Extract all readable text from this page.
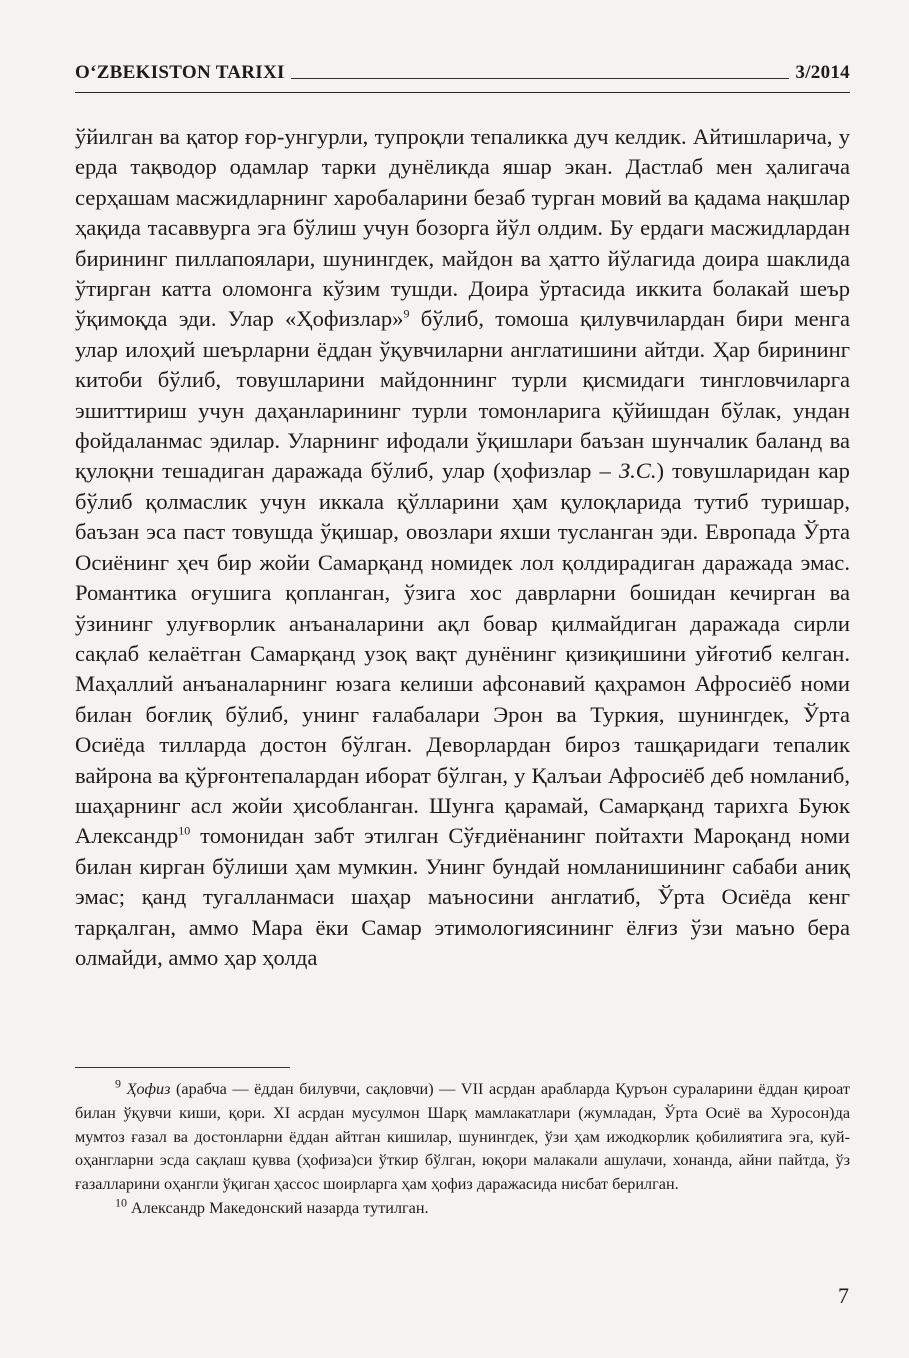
O‘ZBEKISTON TARIXI	3/2014

ўйилган ва қатор ғор-унгурли, тупроқли тепаликка дуч келдик. Айтишларича, у ерда тақводор одамлар тарки дунёликда яшар экан. Дастлаб мен ҳалигача серҳашам масжидларнинг харобаларини безаб турган мовий ва қадама нақшлар ҳақида тасаввурга эга бўлиш учун бозорга йўл олдим. Бу ердаги масжидлардан бирининг пиллапоялари, шунингдек, майдон ва ҳатто йўлагида доира шаклида ўтирган катта оломонга кўзим тушди. Доира ўртасида иккита болакай шеър ўқимоқда эди. Улар «Ҳофизлар»$^9$ бўлиб, томоша қилувчилардан бири менга улар илоҳий шеърларни ёддан ўқувчиларни англатишини айтди. Ҳар бирининг китоби бўлиб, товушларини майдоннинг турли қисмидаги тингловчиларга эшиттириш учун даҳанларининг турли томонларига қўйишдан бўлак, ундан фойдаланмас эдилар. Уларнинг ифодали ўқишлари баъзан шунчалик баланд ва қулоқни тешадиган даражада бўлиб, улар (ҳофизлар – З.С.) товушларидан кар бўлиб қолмаслик учун иккала қўлларини ҳам қулоқларида тутиб туришар, баъзан эса паст товушда ўқишар, овозлари яхши тусланган эди. Европада Ўрта Осиёнинг ҳеч бир жойи Самарқанд номидек лол қолдирадиган даражада эмас. Романтика оғушига қопланган, ўзига хос даврларни бошидан кечирган ва ўзининг улуғворлик анъаналарини ақл бовар қилмайдиган даражада сирли сақлаб келаётган Самарқанд узоқ вақт дунёнинг қизиқишини уйғотиб келган. Маҳаллий анъаналарнинг юзага келиши афсонавий қаҳрамон Афросиёб номи билан боғлиқ бўлиб, унинг ғалабалари Эрон ва Туркия, шунингдек, Ўрта Осиёда тилларда достон бўлган. Деворлардан бироз ташқаридаги тепалик вайрона ва қўрғонтепалардан иборат бўлган, у Қалъаи Афросиёб деб номланиб, шаҳарнинг асл жойи ҳисобланган. Шунга қарамай, Самарқанд тарихга Буюк Александр$^{10}$ томонидан забт этилган Сўғдиёнанинг пойтахти Мароқанд номи билан кирган бўлиши ҳам мумкин. Унинг бундай номланишининг сабаби аниқ эмас; қанд тугалланмаси шаҳар маъносини англатиб, Ўрта Осиёда кенг тарқалган, аммо Мара ёки Самар этимологиясининг ёлғиз ўзи маъно бера олмайди, аммо ҳар ҳолда

$^9$ Ҳофиз (арабча — ёддан билувчи, сақловчи) — VII асрдан арабларда Қуръон сураларини ёддан қироат билан ўқувчи киши, қори. XI асрдан мусулмон Шарқ мамлакатлари (жумладан, Ўрта Осиё ва Хуросон)да мумтоз ғазал ва достонларни ёддан айтган кишилар, шунингдек, ўзи ҳам ижодкорлик қобилиятига эга, куй-оҳангларни эсда сақлаш қувва (ҳофиза)си ўткир бўлган, юқори малакали ашулачи, хонанда, айни пайтда, ўз ғазалларини оҳангли ўқиган ҳассос шоирларга ҳам ҳофиз даражасида нисбат берилган.

$^{10}$ Александр Македонский назарда тутилган.

7
